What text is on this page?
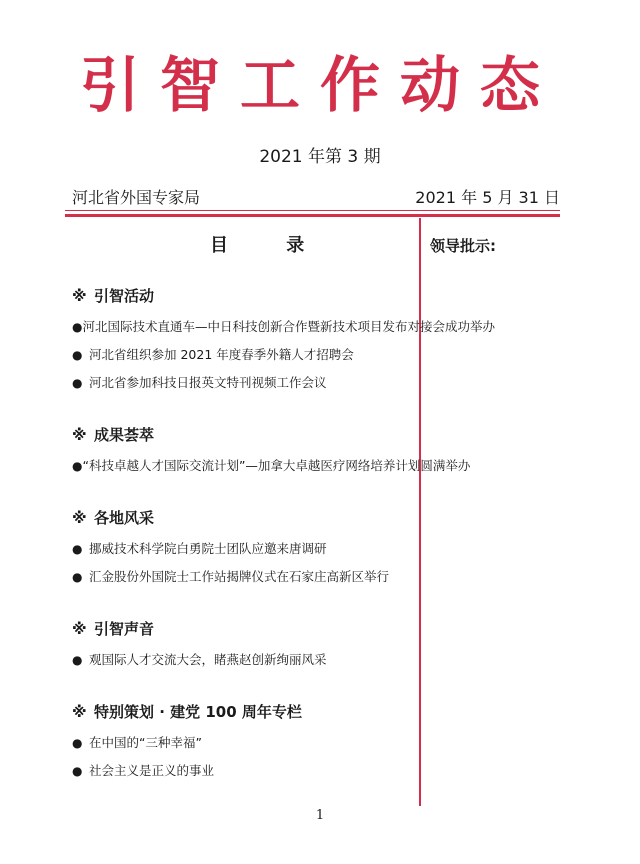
引智工作动态
2021 年第 3 期
河北省外国专家局	2021 年 5 月 31 日
目 录	领导批示:
※ 引智活动
● 河北国际技术直通车—中日科技创新合作暨新技术项目发布对接会成功举办
● 河北省组织参加 2021 年度春季外籍人才招聘会
● 河北省参加科技日报英文特刊视频工作会议
※ 成果荟萃
● “科技卓越人才国际交流计划”—加拿大卓越医疗网络培养计划圆满举办
※ 各地风采
● 挪威技术科学院白勇院士团队应邀来唐调研
● 汇金股份外国院士工作站揭牌仪式在石家庄高新区举行
※ 引智声音
● 观国际人才交流大会，睹燕赵创新绚丽风采
※ 特别策划 · 建党 100 周年专栏
● 在中国的“三种幸福”
● 社会主义是正义的事业
1
